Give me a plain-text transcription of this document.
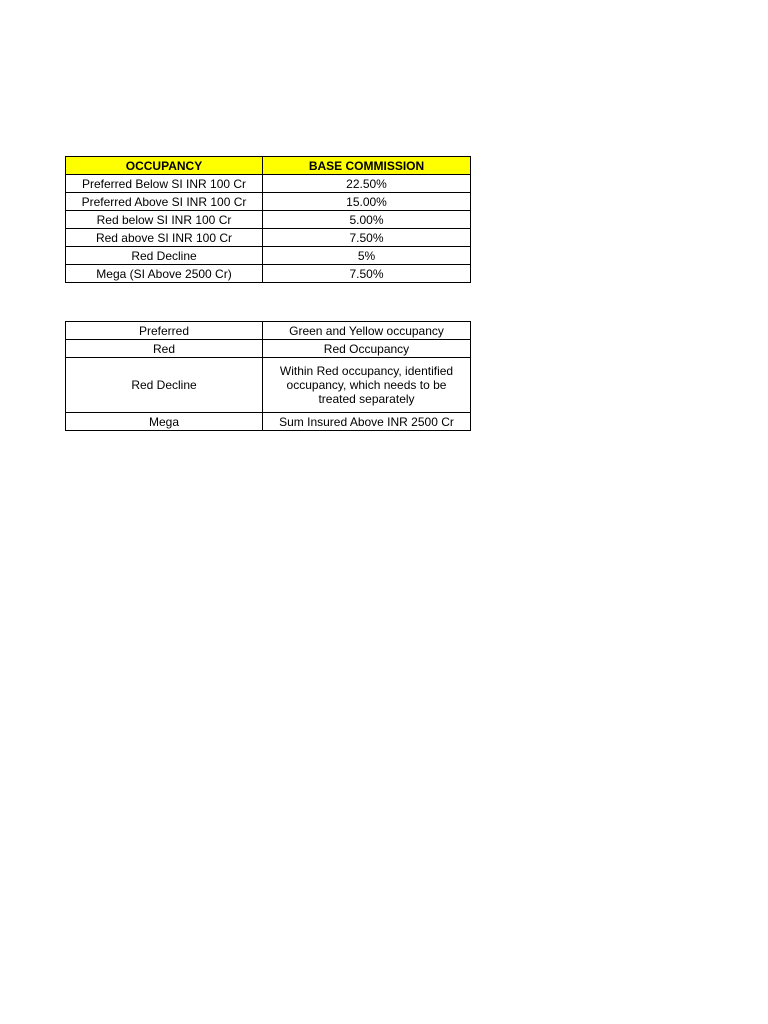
OCCUPANCY	BASE COMMISSION
Preferred Below SI INR 100 Cr	22.50%
Preferred Above SI INR 100 Cr	15.00%
Red below SI INR 100 Cr	5.00%
Red above SI INR 100 Cr	7.50%
Red Decline	5%
Mega (SI Above 2500 Cr)	7.50%
Preferred	Green and Yellow occupancy
Red	Red Occupancy
Red Decline	Within Red occupancy, identified occupancy, which needs to be treated separately
Mega	Sum Insured Above INR 2500 Cr
